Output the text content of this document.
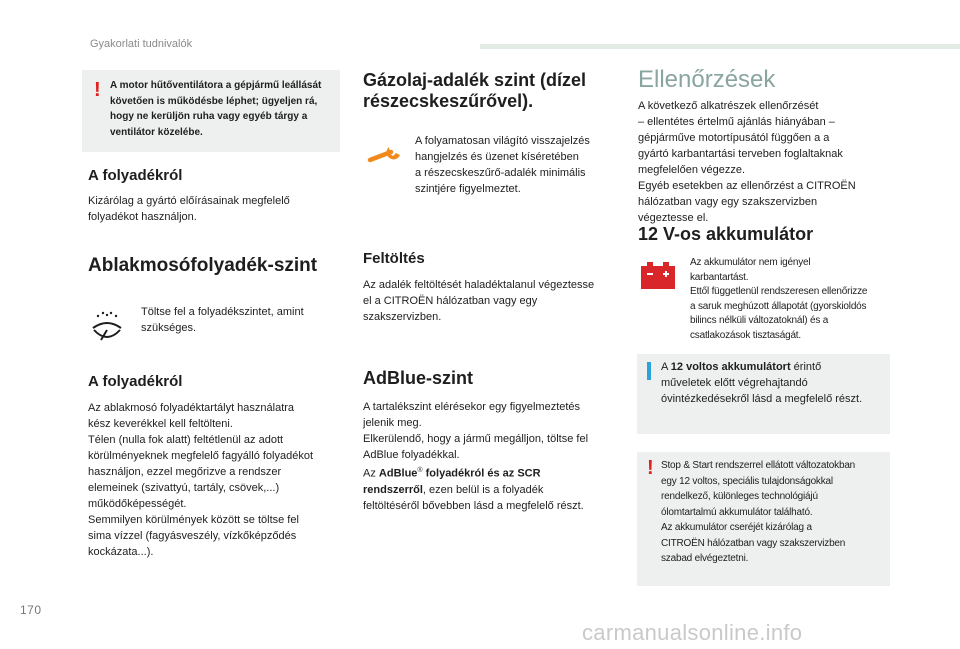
Gyakorlati tudnivalók
! A motor hűtőventilátora a gépjármű leállását követően is működésbe léphet; ügyeljen rá, hogy ne kerüljön ruha vagy egyéb tárgy a ventilátor közelébe.
A folyadékról
Kizárólag a gyártó előírásainak megfelelő folyadékot használjon.
Ablakmosófolyadék-szint
Töltse fel a folyadékszintet, amint szükséges.
A folyadékról
Az ablakmosó folyadéktartályt használatra
kész keverékkel kell feltölteni.
Télen (nulla fok alatt) feltétlenül az adott
körülményeknek megfelelő fagyálló folyadékot
használjon, ezzel megőrizve a rendszer
elemeinek (szivattyú, tartály, csövek,...)
működőképességét.
Semmilyen körülmények között se töltse fel
sima vízzel (fagyásveszély, vízkőképződés
kockázata...).
Gázolaj-adalék szint (dízel
részecskeszűrővel).
A folyamatosan világító visszajelzés
hangjelzés és üzenet kíséretében
a részecskeszűrő-adalék minimális
szintjére figyelmeztet.
Feltöltés
Az adalék feltöltését haladéktalanul végeztesse
el a CITROËN hálózatban vagy egy
szakszervizben.
AdBlue-szint
A tartalékszint elérésekor egy figyelmeztetés
jelenik meg.
Elkerülendő, hogy a jármű megálljon, töltse fel
AdBlue folyadékkal.
Az AdBlue® folyadékról és az SCR
rendszerről, ezen belül is a folyadék
feltöltéséről bővebben lásd a megfelelő részt.
Ellenőrzések
A következő alkatrészek ellenőrzését
– ellentétes értelmű ajánlás hiányában –
gépjárműve motortípusától függően a a
gyártó karbantartási terveben foglaltaknak
megfelelően végezze.
Egyéb esetekben az ellenőrzést a CITROËN
hálózatban vagy egy szakszervizben
végeztesse el.
12 V-os akkumulátor
Az akkumulátor nem igényel
karbantartást.
Ettől függetlenül rendszeresen ellenőrizze
a saruk meghúzott állapotát (gyorskioldós
bilincs nélküli változatoknál) és a
csatlakozások tisztaságát.
A 12 voltos akkumulátort érintő
műveletek előtt végrehajtandó
óvintézkedésekről lásd a megfelelő részt.
! Stop & Start rendszerrel ellátott változatokban
egy 12 voltos, speciális tulajdonságokkal
rendelkező, különleges technológiájú
ólomtartalmú akkumulátor található.
Az akkumulátor cseréjét kizárólag a
CITROËN hálózatban vagy szakszervizben
szabad elvégeztetni.
170
carmanualsonline.info
